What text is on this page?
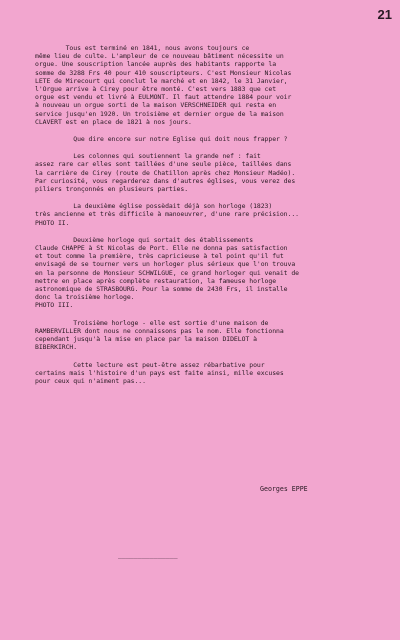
21
Tous est terminé en 1841, nous avons toujours ce
même lieu de culte. L'ampleur de ce nouveau bâtiment nécessite un
orgue. Une souscription lancée auprès des habitants rapporte la
somme de 3288 Frs 40 pour 410 souscripteurs. C'est Monsieur Nicolas
LETE de Mirecourt qui conclut le marché et en 1842, le 31 Janvier,
l'Orgue arrive à Cirey pour être monté. C'est vers 1883 que cet
orgue est vendu et livré à EULMONT. Il faut attendre 1884 pour voir
à nouveau un orgue sorti de la maison VERSCHNEIDER qui resta en
service jusqu'en 1920. Un troisième et dernier orgue de la maison
CLAVERT est en place de 1821 à nos jours.
Que dire encore sur notre Eglise qui doit nous frapper ?
Les colonnes qui soutiennent la grande nef : fait
assez rare car elles sont taillées d'une seule pièce, taillées dans
la carrière de Cirey (route de Chatillon après chez Monsieur Madéo).
Par curiosité, vous regarderez dans d'autres églises, vous verez des
piliers tronçonnés en plusieurs parties.
La deuxième église possèdait déjà son horloge (1823)
très ancienne et très difficile à manoeuvrer, d'une rare précision...
PHOTO II.
Deuxième horloge qui sortait des établissements
Claude CHAPPE à St Nicolas de Port. Elle ne donna pas satisfaction
et tout comme la première, très capricieuse à tel point qu'il fut
envisagé de se tourner vers un horloger plus sérieux que l'on trouva
en la personne de Monsieur SCHWILGUE, ce grand horloger qui venait de
mettre en place après complète restauration, la fameuse horloge
astronomique de STRASBOURG. Pour la somme de 2430 Frs, il installe
donc la troisième horloge.
PHOTO III.
Troisième horloge - elle est sortie d'une maison de
RAMBERVILLER dont nous ne connaissons pas le nom. Elle fonctionna
cependant jusqu'à la mise en place par la maison DIDELOT à
BIBERKIRCH.
Cette lecture est peut-être assez rébarbative pour
certains mais l'histoire d'un pays est faite ainsi, mille excuses
pour ceux qui n'aiment pas...
Georges EPPE
_______________
